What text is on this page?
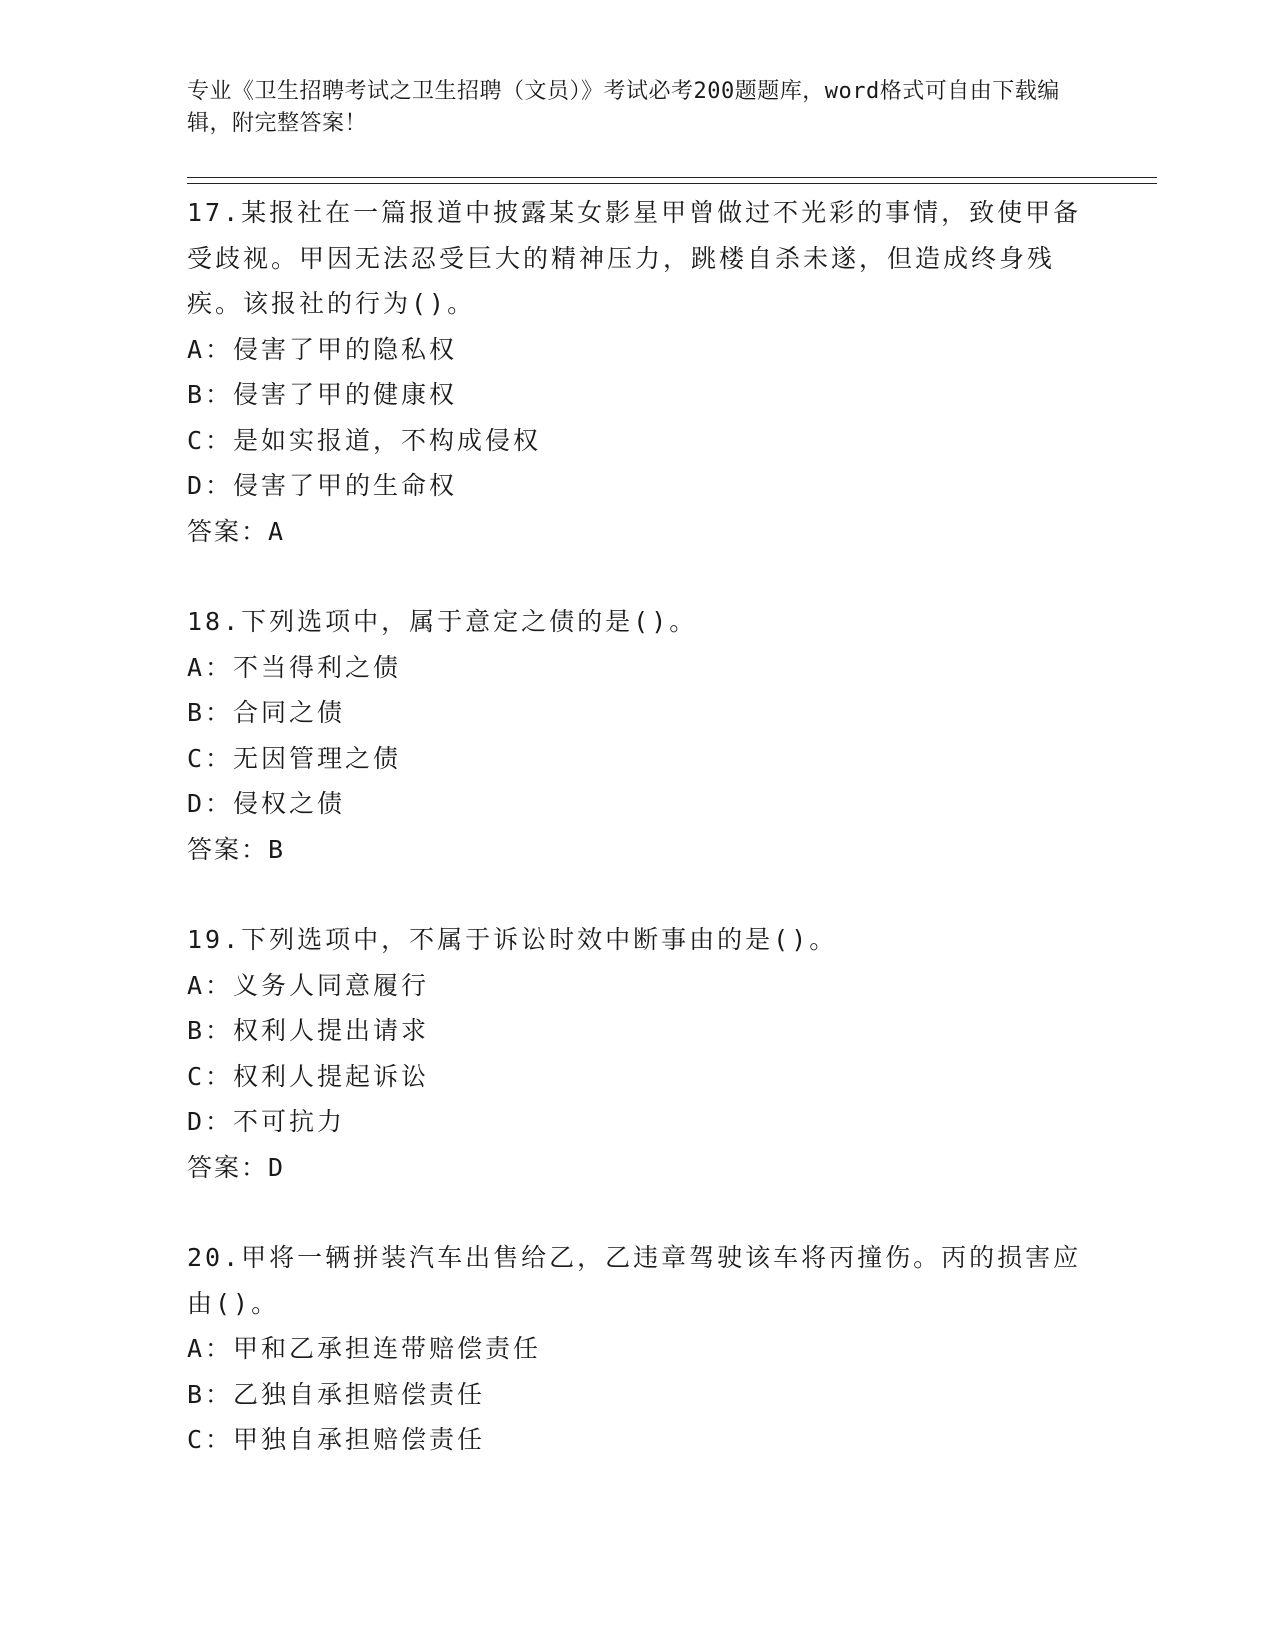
专业《卫生招聘考试之卫生招聘（文员）》考试必考200题题库，word格式可自由下载编辑，附完整答案！
17.某报社在一篇报道中披露某女影星甲曾做过不光彩的事情，致使甲备受歧视。甲因无法忍受巨大的精神压力，跳楼自杀未遂，但造成终身残疾。该报社的行为()。
A：侵害了甲的隐私权
B：侵害了甲的健康权
C：是如实报道，不构成侵权
D：侵害了甲的生命权
答案：A
18.下列选项中，属于意定之债的是()。
A：不当得利之债
B：合同之债
C：无因管理之债
D：侵权之债
答案：B
19.下列选项中，不属于诉讼时效中断事由的是()。
A：义务人同意履行
B：权利人提出请求
C：权利人提起诉讼
D：不可抗力
答案：D
20.甲将一辆拼装汽车出售给乙，乙违章驾驶该车将丙撞伤。丙的损害应由()。
A：甲和乙承担连带赔偿责任
B：乙独自承担赔偿责任
C：甲独自承担赔偿责任
